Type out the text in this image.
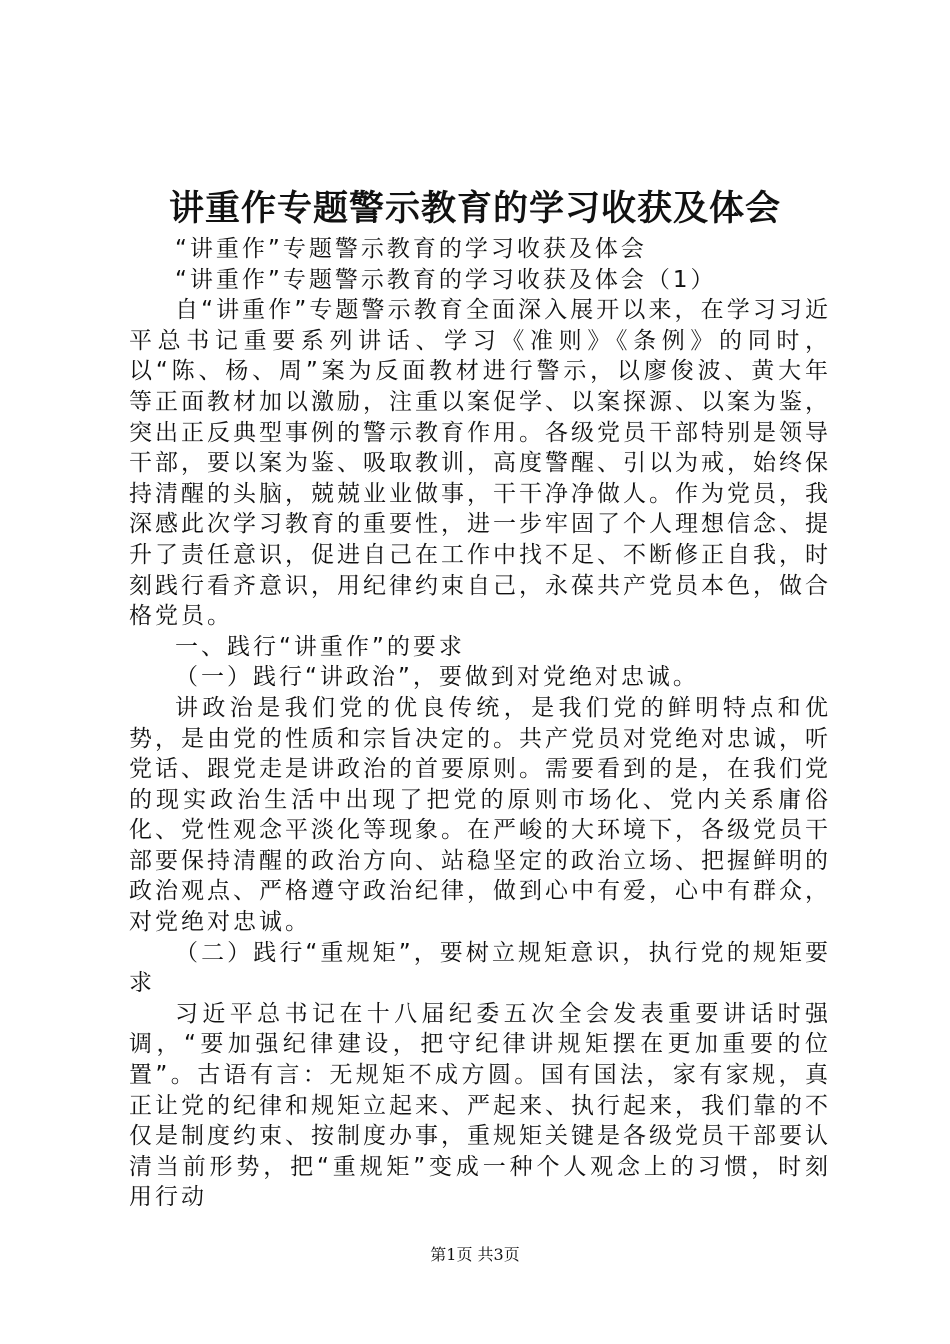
讲重作专题警示教育的学习收获及体会

“讲重作”专题警示教育的学习收获及体会

“讲重作”专题警示教育的学习收获及体会（1）

自“讲重作”专题警示教育全面深入展开以来，在学习习近平总书记重要系列讲话、学习《准则》《条例》的同时，以“陈、杨、周”案为反面教材进行警示，以廖俊波、黄大年等正面教材加以激励，注重以案促学、以案探源、以案为鉴，突出正反典型事例的警示教育作用。各级党员干部特别是领导干部，要以案为鉴、吸取教训，高度警醒、引以为戒，始终保持清醒的头脑，兢兢业业做事，干干净净做人。作为党员，我深感此次学习教育的重要性，进一步牢固了个人理想信念、提升了责任意识，促进自己在工作中找不足、不断修正自我，时刻践行看齐意识，用纪律约束自己，永葆共产党员本色，做合格党员。

一、践行“讲重作”的要求

（一）践行“讲政治”，要做到对党绝对忠诚。

讲政治是我们党的优良传统，是我们党的鲜明特点和优势，是由党的性质和宗旨决定的。共产党员对党绝对忠诚，听党话、跟党走是讲政治的首要原则。需要看到的是，在我们党的现实政治生活中出现了把党的原则市场化、党内关系庸俗化、党性观念平淡化等现象。在严峻的大环境下，各级党员干部要保持清醒的政治方向、站稳坚定的政治立场、把握鲜明的政治观点、严格遵守政治纪律，做到心中有爱，心中有群众，对党绝对忠诚。

（二）践行“重规矩”，要树立规矩意识，执行党的规矩要求

习近平总书记在十八届纪委五次全会发表重要讲话时强调，“要加强纪律建设，把守纪律讲规矩摆在更加重要的位置”。古语有言：无规矩不成方圆。国有国法，家有家规，真正让党的纪律和规矩立起来、严起来、执行起来，我们靠的不仅是制度约束、按制度办事，重规矩关键是各级党员干部要认清当前形势，把“重规矩”变成一种个人观念上的习惯，时刻用行动

第1页 共3页
